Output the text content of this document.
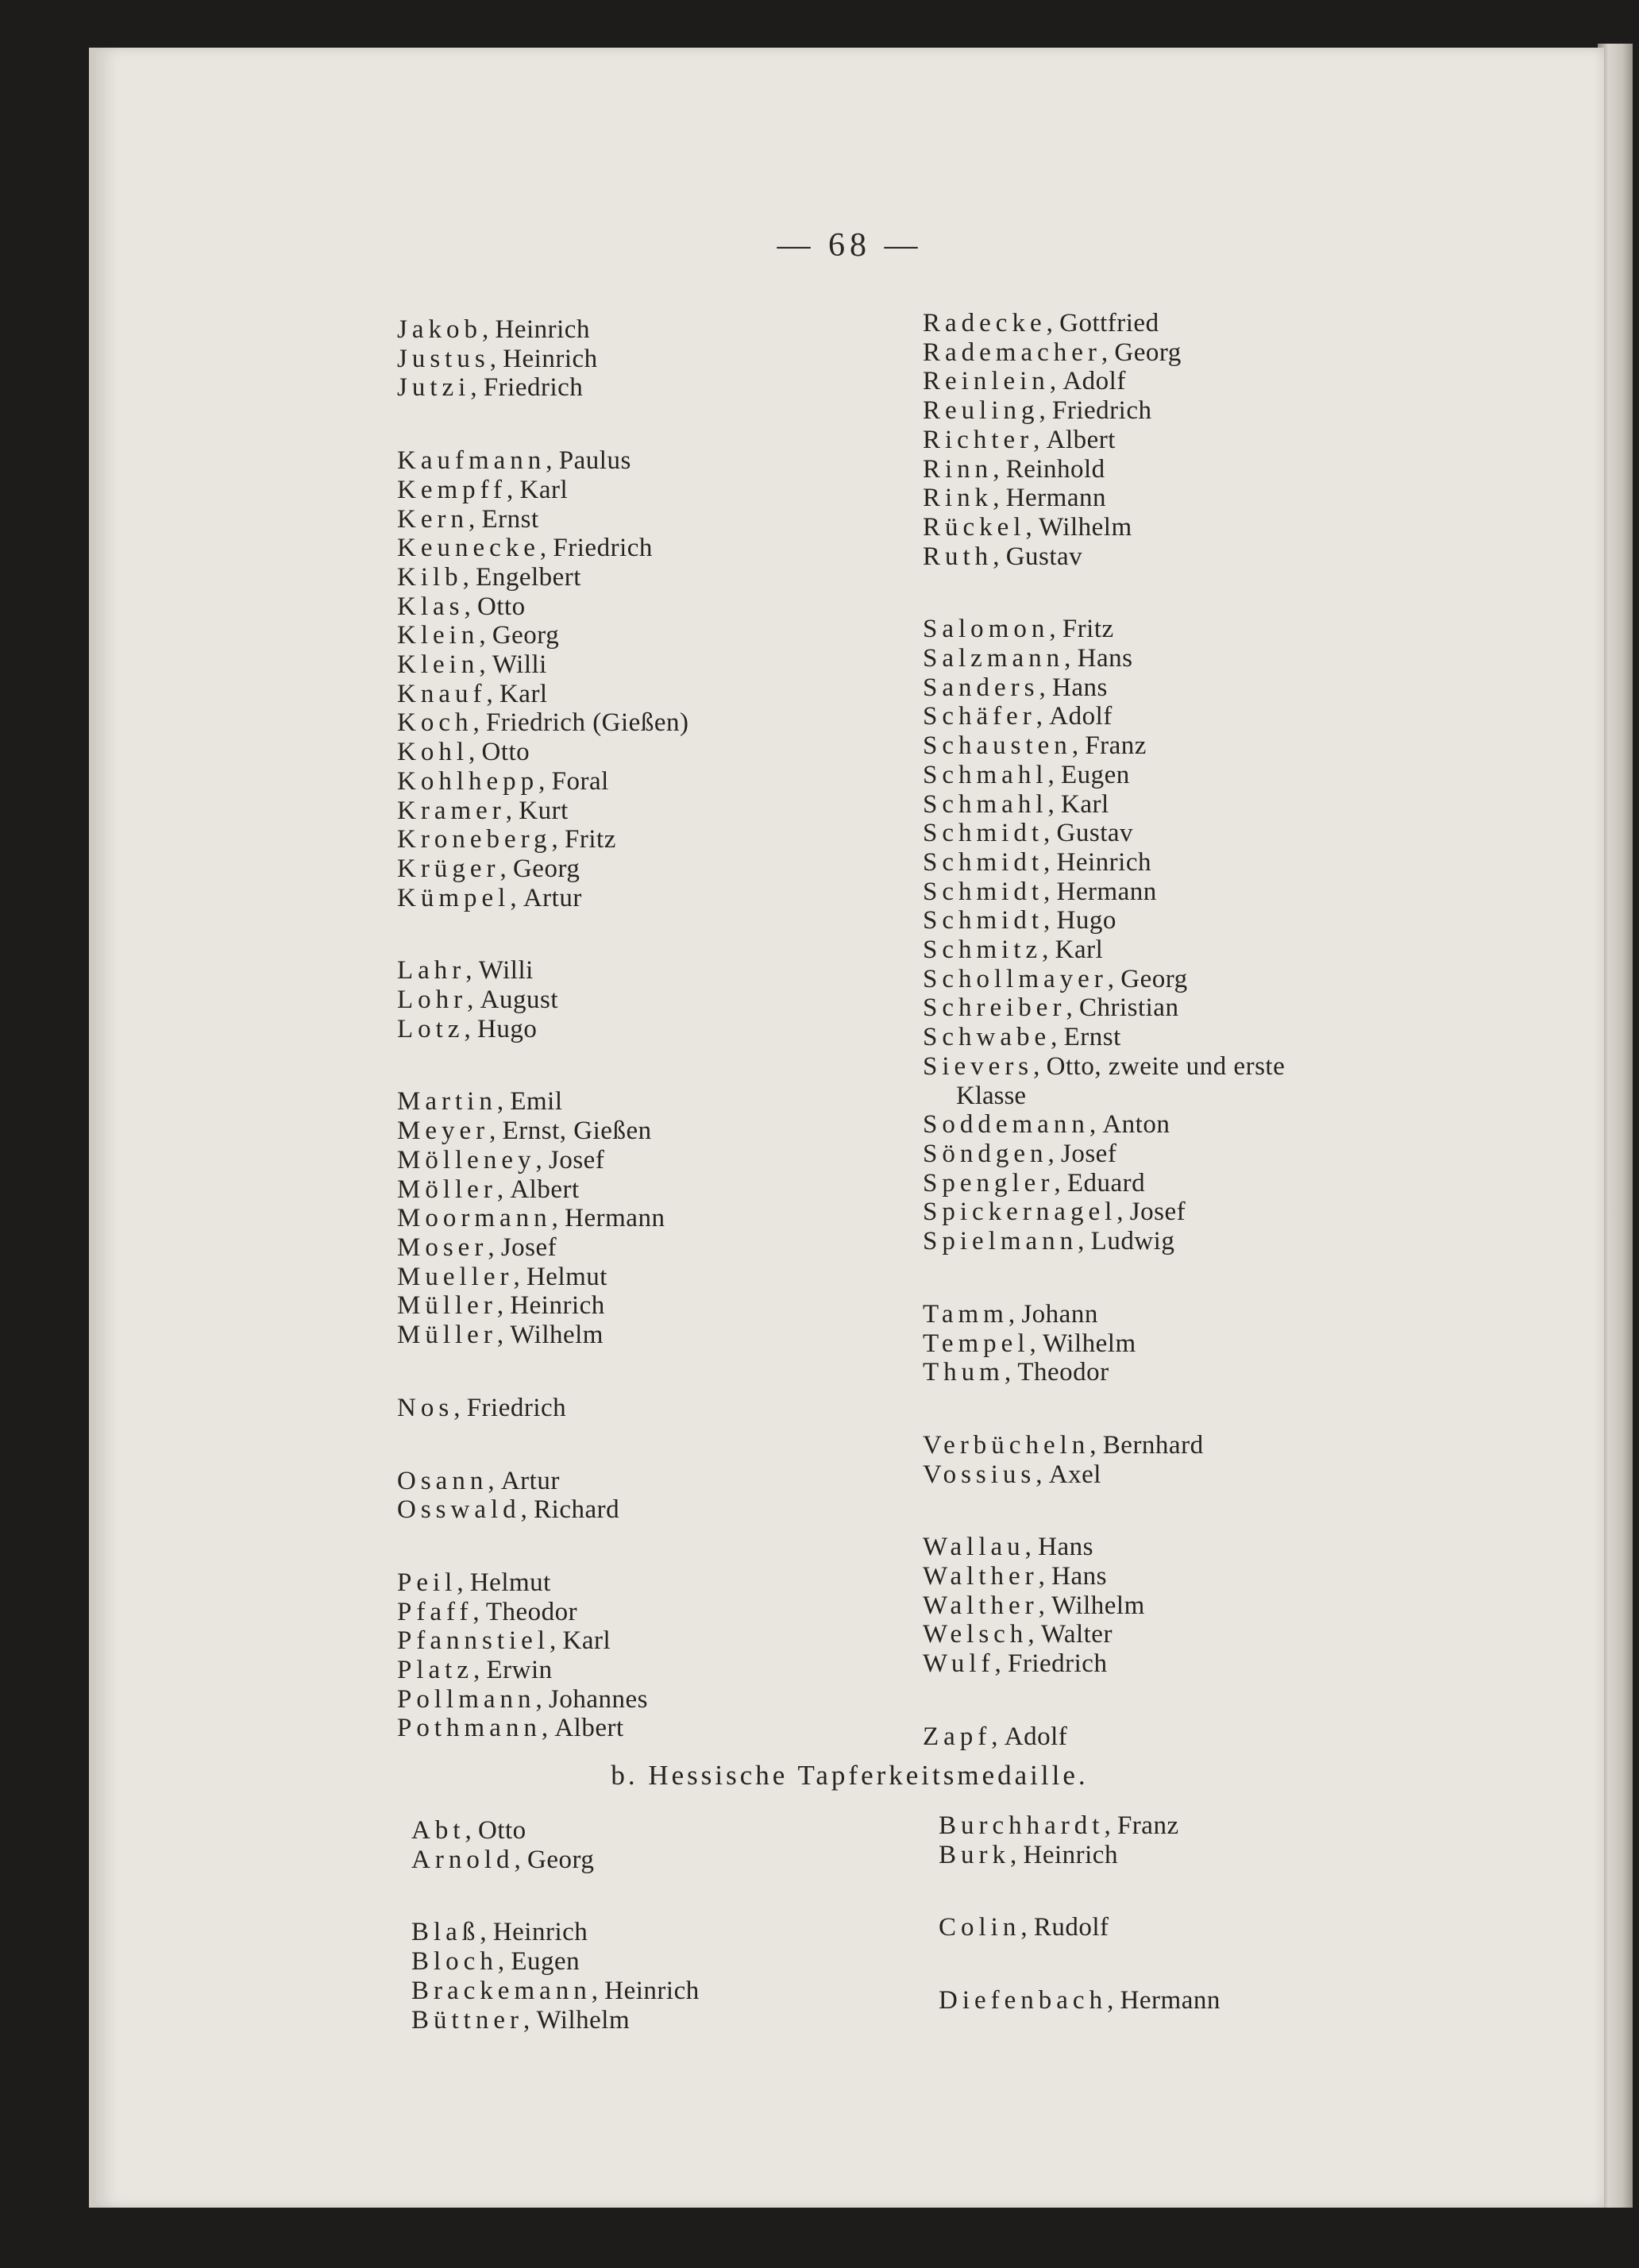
— 68 —
Jakob, Heinrich
Justus, Heinrich
Jutzi, Friedrich
Kaufmann, Paulus
Kempff, Karl
Kern, Ernst
Keunecke, Friedrich
Kilb, Engelbert
Klas, Otto
Klein, Georg
Klein, Willi
Knauf, Karl
Koch, Friedrich (Gießen)
Kohl, Otto
Kohlhepp, Foral
Kramer, Kurt
Kroneberg, Fritz
Krüger, Georg
Kümpel, Artur
Lahr, Willi
Lohr, August
Lotz, Hugo
Martin, Emil
Meyer, Ernst, Gießen
Mölleney, Josef
Möller, Albert
Moormann, Hermann
Moser, Josef
Mueller, Helmut
Müller, Heinrich
Müller, Wilhelm
Nos, Friedrich
Osann, Artur
Osswald, Richard
Peil, Helmut
Pfaff, Theodor
Pfannstiel, Karl
Platz, Erwin
Pollmann, Johannes
Pothmann, Albert
Radecke, Gottfried
Rademacher, Georg
Reinlein, Adolf
Reuling, Friedrich
Richter, Albert
Rinn, Reinhold
Rink, Hermann
Rückel, Wilhelm
Ruth, Gustav
Salomon, Fritz
Salzmann, Hans
Sanders, Hans
Schäfer, Adolf
Schausten, Franz
Schmahl, Eugen
Schmahl, Karl
Schmidt, Gustav
Schmidt, Heinrich
Schmidt, Hermann
Schmidt, Hugo
Schmitz, Karl
Schollmayer, Georg
Schreiber, Christian
Schwabe, Ernst
Sievers, Otto, zweite und erste
Klasse
Soddemann, Anton
Söndgen, Josef
Spengler, Eduard
Spickernagel, Josef
Spielmann, Ludwig
Tamm, Johann
Tempel, Wilhelm
Thum, Theodor
Verbücheln, Bernhard
Vossius, Axel
Wallau, Hans
Walther, Hans
Walther, Wilhelm
Welsch, Walter
Wulf, Friedrich
Zapf, Adolf
b. Hessische Tapferkeitsmedaille.
Abt, Otto
Arnold, Georg
Blaß, Heinrich
Bloch, Eugen
Brackemann, Heinrich
Büttner, Wilhelm
Burchhardt, Franz
Burk, Heinrich
Colin, Rudolf
Diefenbach, Hermann
